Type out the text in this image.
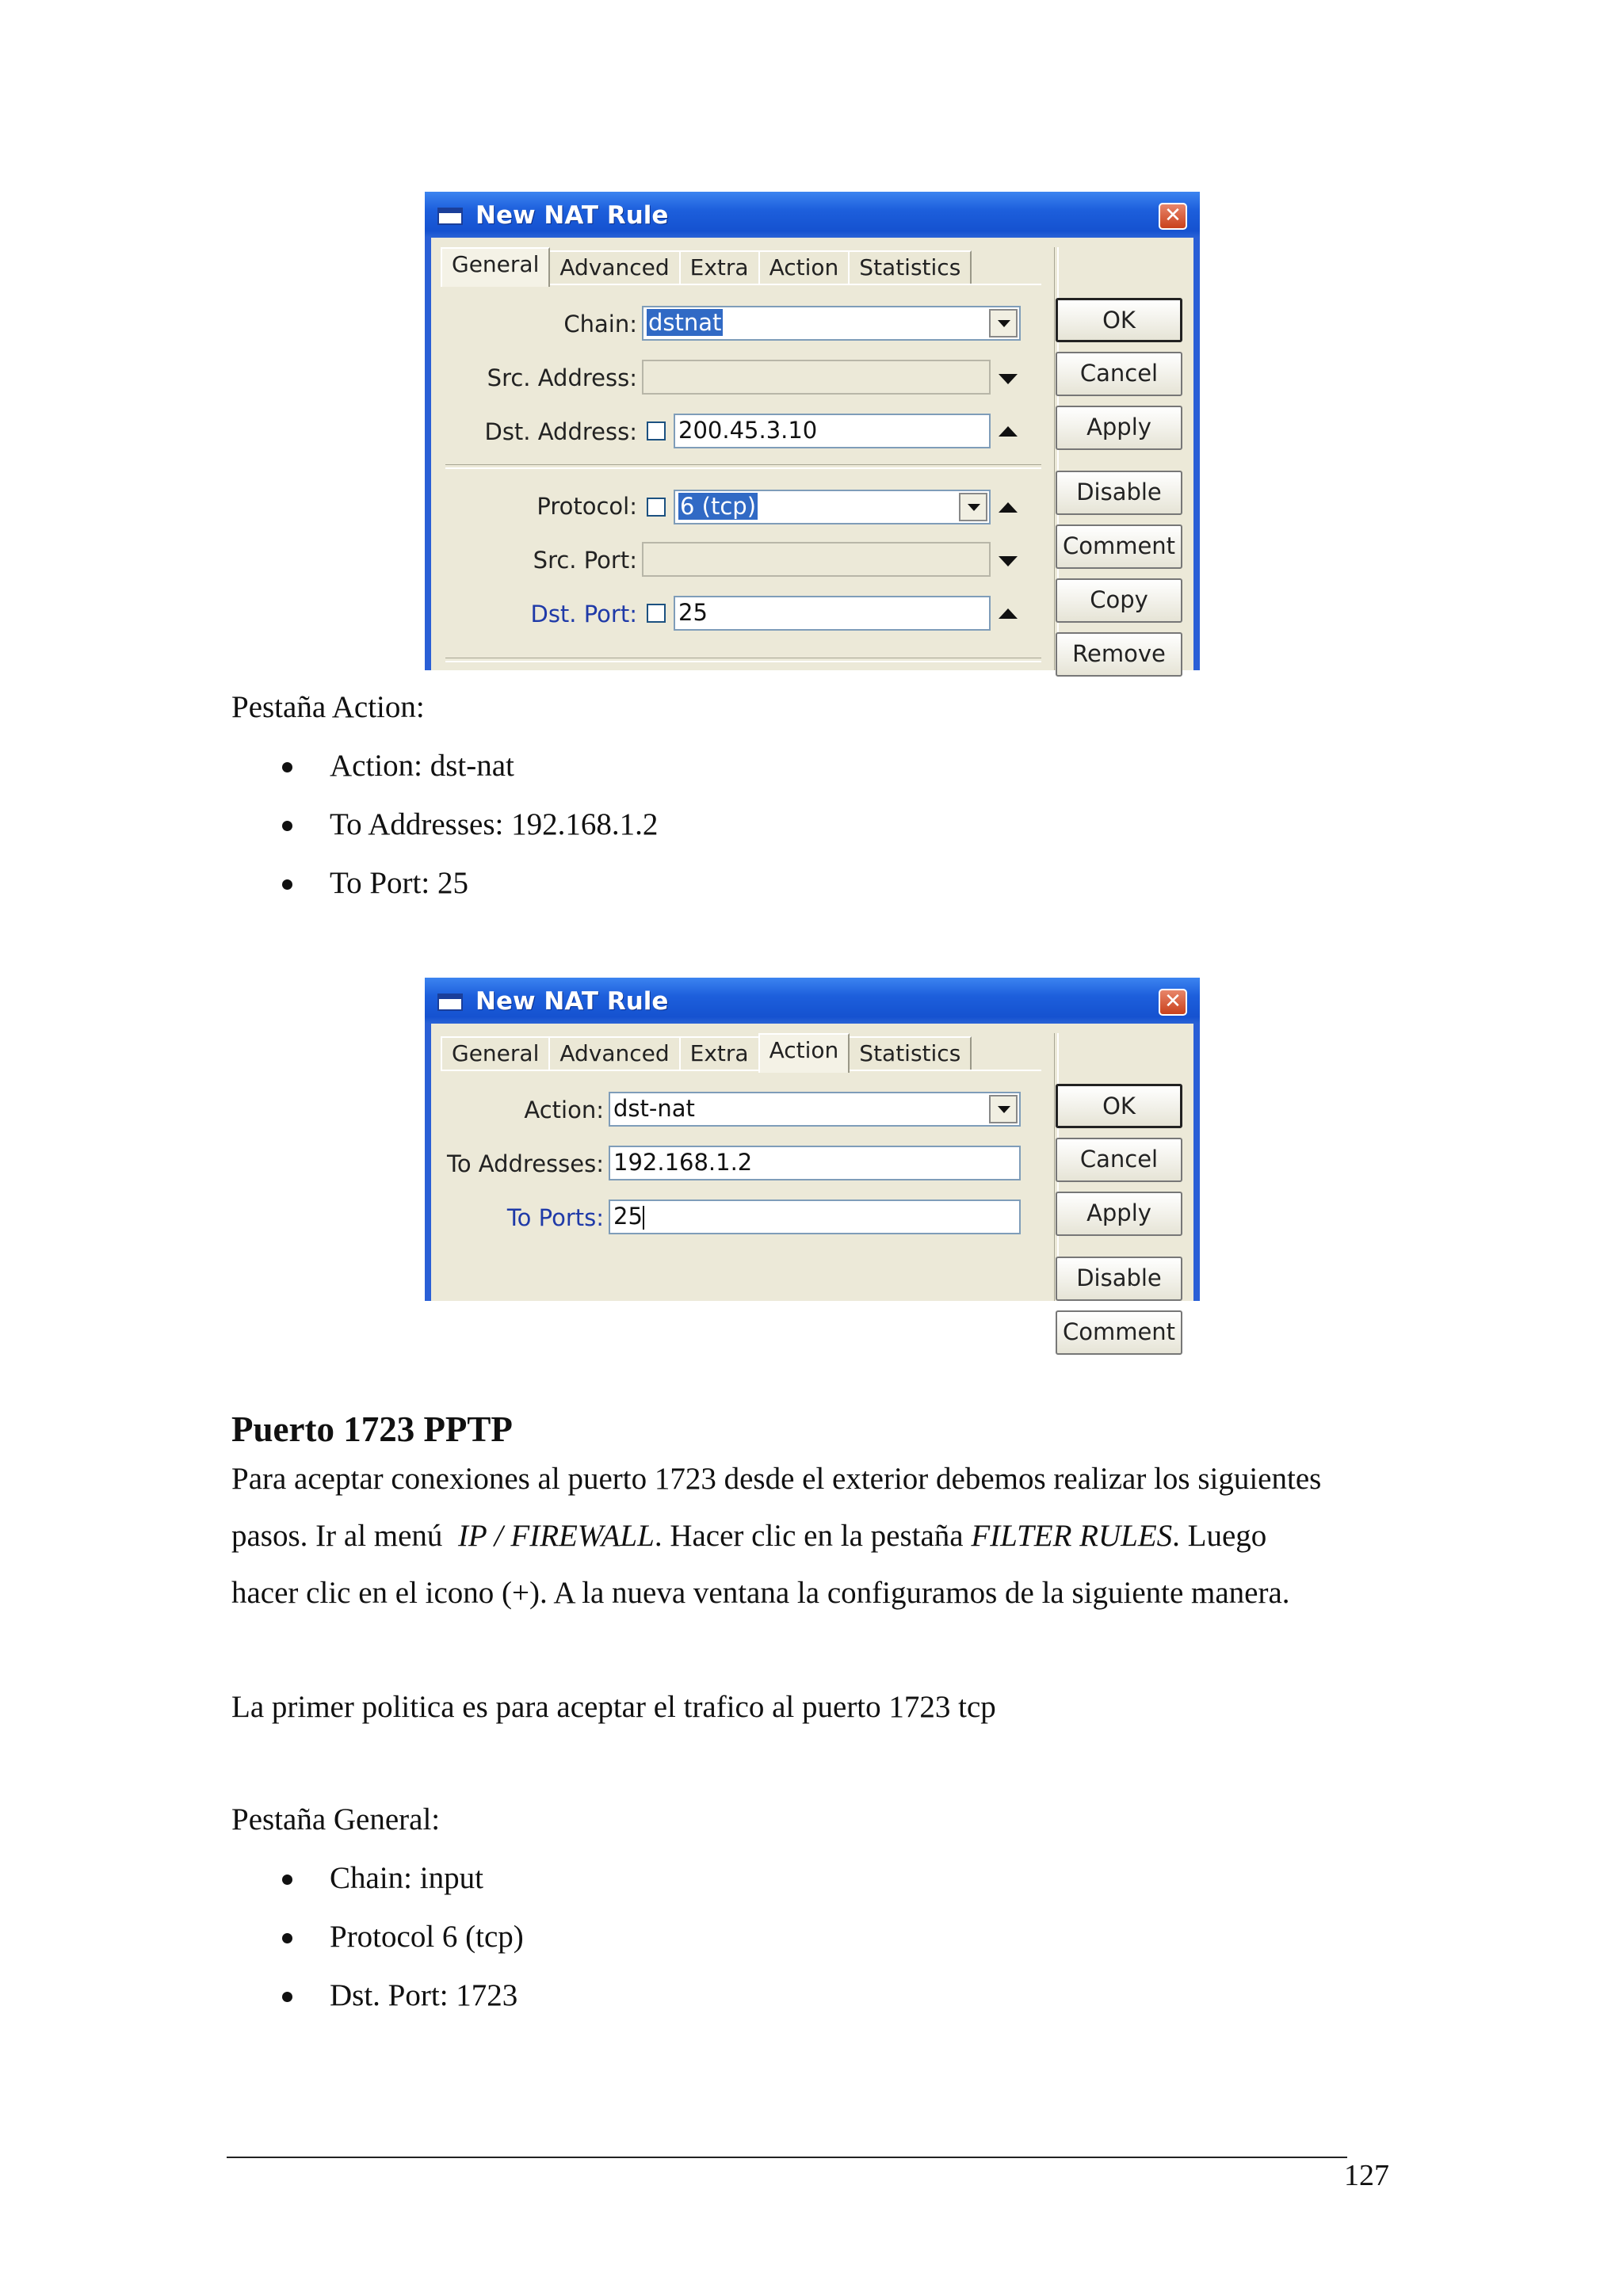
New NAT Rule	✕
General Advanced Extra Action Statistics
Chain: dstnat
Src. Address:
Dst. Address: 200.45.3.10
Protocol: 6 (tcp)
Src. Port:
Dst. Port: 25
OK
Cancel
Apply
Disable
Comment
Copy
Remove
Pestaña Action:
Action: dst-nat
To Addresses: 192.168.1.2
To Port: 25
New NAT Rule	✕
General Advanced Extra Action Statistics
Action: dst-nat
To Addresses: 192.168.1.2
To Ports: 25
OK
Cancel
Apply
Disable
Comment
Puerto 1723 PPTP
Para aceptar conexiones al puerto 1723 desde el exterior debemos realizar los siguientes
pasos. Ir al menú  IP / FIREWALL. Hacer clic en la pestaña FILTER RULES. Luego
hacer clic en el icono (+). A la nueva ventana la configuramos de la siguiente manera.
La primer politica es para aceptar el trafico al puerto 1723 tcp
Pestaña General:
Chain: input
Protocol 6 (tcp)
Dst. Port: 1723
127
